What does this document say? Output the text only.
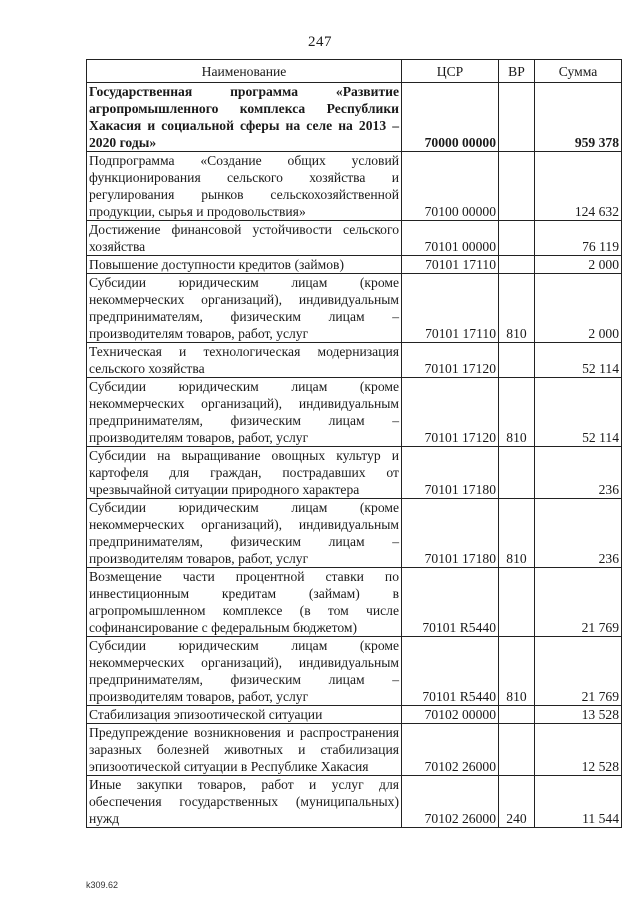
247
Наименование	ЦСР	ВР	Сумма
Государственная программа «Развитие агропромышленного комплекса Республики Хакасия и социальной сферы на селе на 2013 – 2020 годы»	70000 00000		959 378
Подпрограмма «Создание общих условий функционирования сельского хозяйства и регулирования рынков сельскохозяйственной продукции, сырья и продовольствия»	70100 00000		124 632
Достижение финансовой устойчивости сельского хозяйства	70101 00000		76 119
Повышение доступности кредитов (займов)	70101 17110		2 000
Субсидии юридическим лицам (кроме некоммерческих организаций), индивидуальным предпринимателям, физическим лицам – производителям товаров, работ, услуг	70101 17110	810	2 000
Техническая и технологическая модернизация сельского хозяйства	70101 17120		52 114
Субсидии юридическим лицам (кроме некоммерческих организаций), индивидуальным предпринимателям, физическим лицам – производителям товаров, работ, услуг	70101 17120	810	52 114
Субсидии на выращивание овощных культур и картофеля для граждан, пострадавших от чрезвычайной ситуации природного характера	70101 17180		236
Субсидии юридическим лицам (кроме некоммерческих организаций), индивидуальным предпринимателям, физическим лицам – производителям товаров, работ, услуг	70101 17180	810	236
Возмещение части процентной ставки по инвестиционным кредитам (займам) в агропромышленном комплексе (в том числе софинансирование с федеральным бюджетом)	70101 R5440		21 769
Субсидии юридическим лицам (кроме некоммерческих организаций), индивидуальным предпринимателям, физическим лицам – производителям товаров, работ, услуг	70101 R5440	810	21 769
Стабилизация эпизоотической ситуации	70102 00000		13 528
Предупреждение возникновения и распространения заразных болезней животных и стабилизация эпизоотической ситуации в Республике Хакасия	70102 26000		12 528
Иные закупки товаров, работ и услуг для обеспечения государственных (муниципальных) нужд	70102 26000	240	11 544
k309.62
